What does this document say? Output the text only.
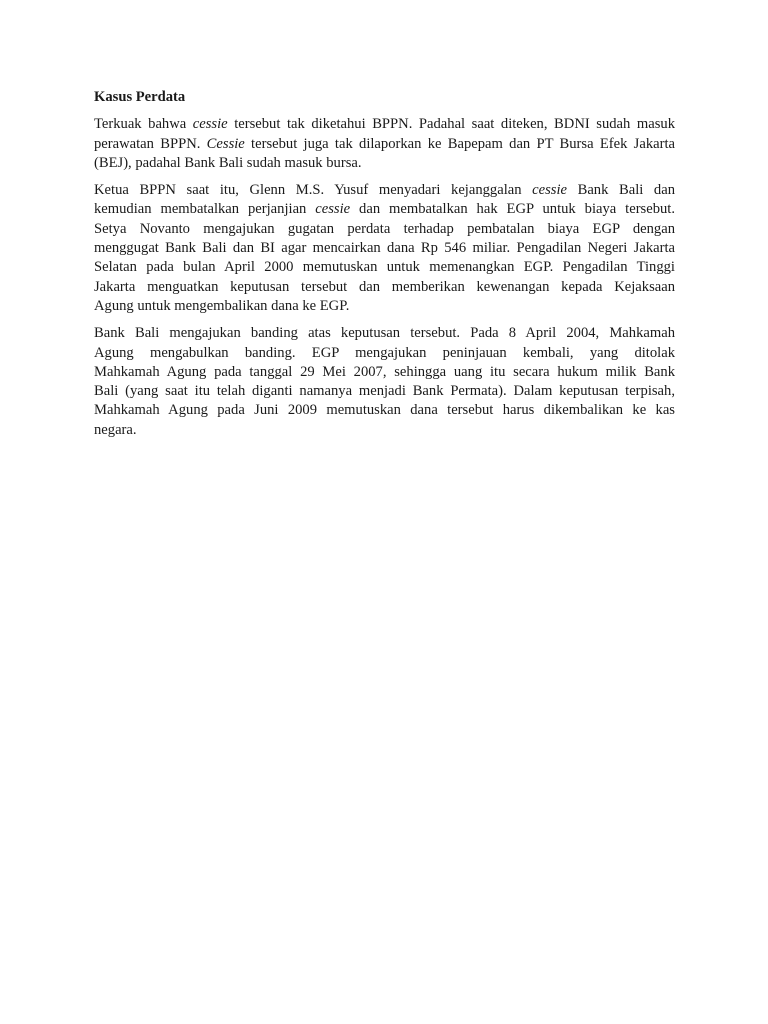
Kasus Perdata
Terkuak bahwa cessie tersebut tak diketahui BPPN. Padahal saat diteken, BDNI sudah masuk
perawatan BPPN. Cessie tersebut juga tak dilaporkan ke Bapepam dan PT Bursa Efek Jakarta
(BEJ), padahal Bank Bali sudah masuk bursa.
Ketua BPPN saat itu, Glenn M.S. Yusuf menyadari kejanggalan cessie Bank Bali dan
kemudian membatalkan perjanjian cessie dan membatalkan hak EGP untuk biaya tersebut.
Setya Novanto mengajukan gugatan perdata terhadap pembatalan biaya EGP dengan
menggugat Bank Bali dan BI agar mencairkan dana Rp 546 miliar. Pengadilan Negeri Jakarta
Selatan pada bulan April 2000 memutuskan untuk memenangkan EGP. Pengadilan Tinggi
Jakarta menguatkan keputusan tersebut dan memberikan kewenangan kepada Kejaksaan
Agung untuk mengembalikan dana ke EGP.
Bank Bali mengajukan banding atas keputusan tersebut. Pada 8 April 2004, Mahkamah
Agung mengabulkan banding. EGP mengajukan peninjauan kembali, yang ditolak
Mahkamah Agung pada tanggal 29 Mei 2007, sehingga uang itu secara hukum milik Bank
Bali (yang saat itu telah diganti namanya menjadi Bank Permata). Dalam keputusan terpisah,
Mahkamah Agung pada Juni 2009 memutuskan dana tersebut harus dikembalikan ke kas
negara.
